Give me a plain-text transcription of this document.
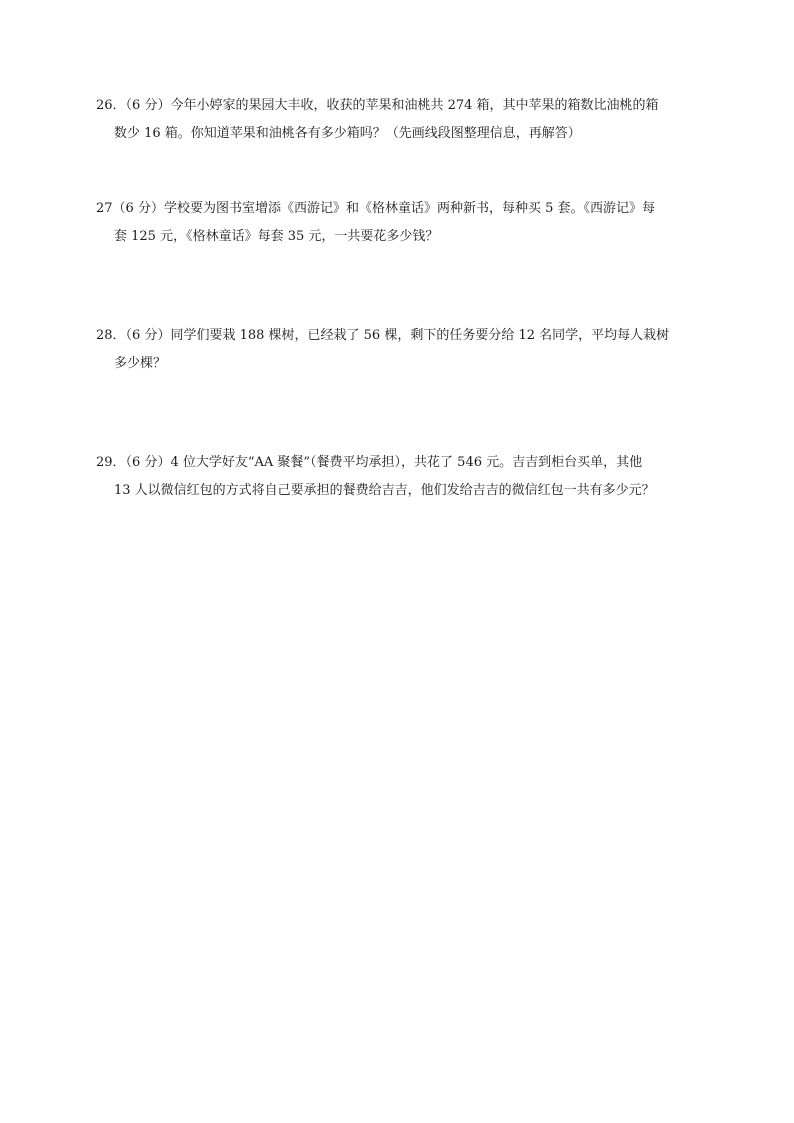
26．（6 分）今年小婷家的果园大丰收，收获的苹果和油桃共 274 箱，其中苹果的箱数比油桃的箱
数少 16 箱。你知道苹果和油桃各有多少箱吗？（先画线段图整理信息，再解答）
27（6 分）学校要为图书室增添《西游记》和《格林童话》两种新书，每种买 5 套。《西游记》每
套 125 元，《格林童话》每套 35 元，一共要花多少钱？
28．（6 分）同学们要栽 188 棵树，已经栽了 56 棵，剩下的任务要分给 12 名同学，平均每人栽树
多少棵？
29．（6 分）4 位大学好友“AA 聚餐”（餐费平均承担），共花了 546 元。吉吉到柜台买单，其他
13 人以微信红包的方式将自己要承担的餐费给吉吉，他们发给吉吉的微信红包一共有多少元？
